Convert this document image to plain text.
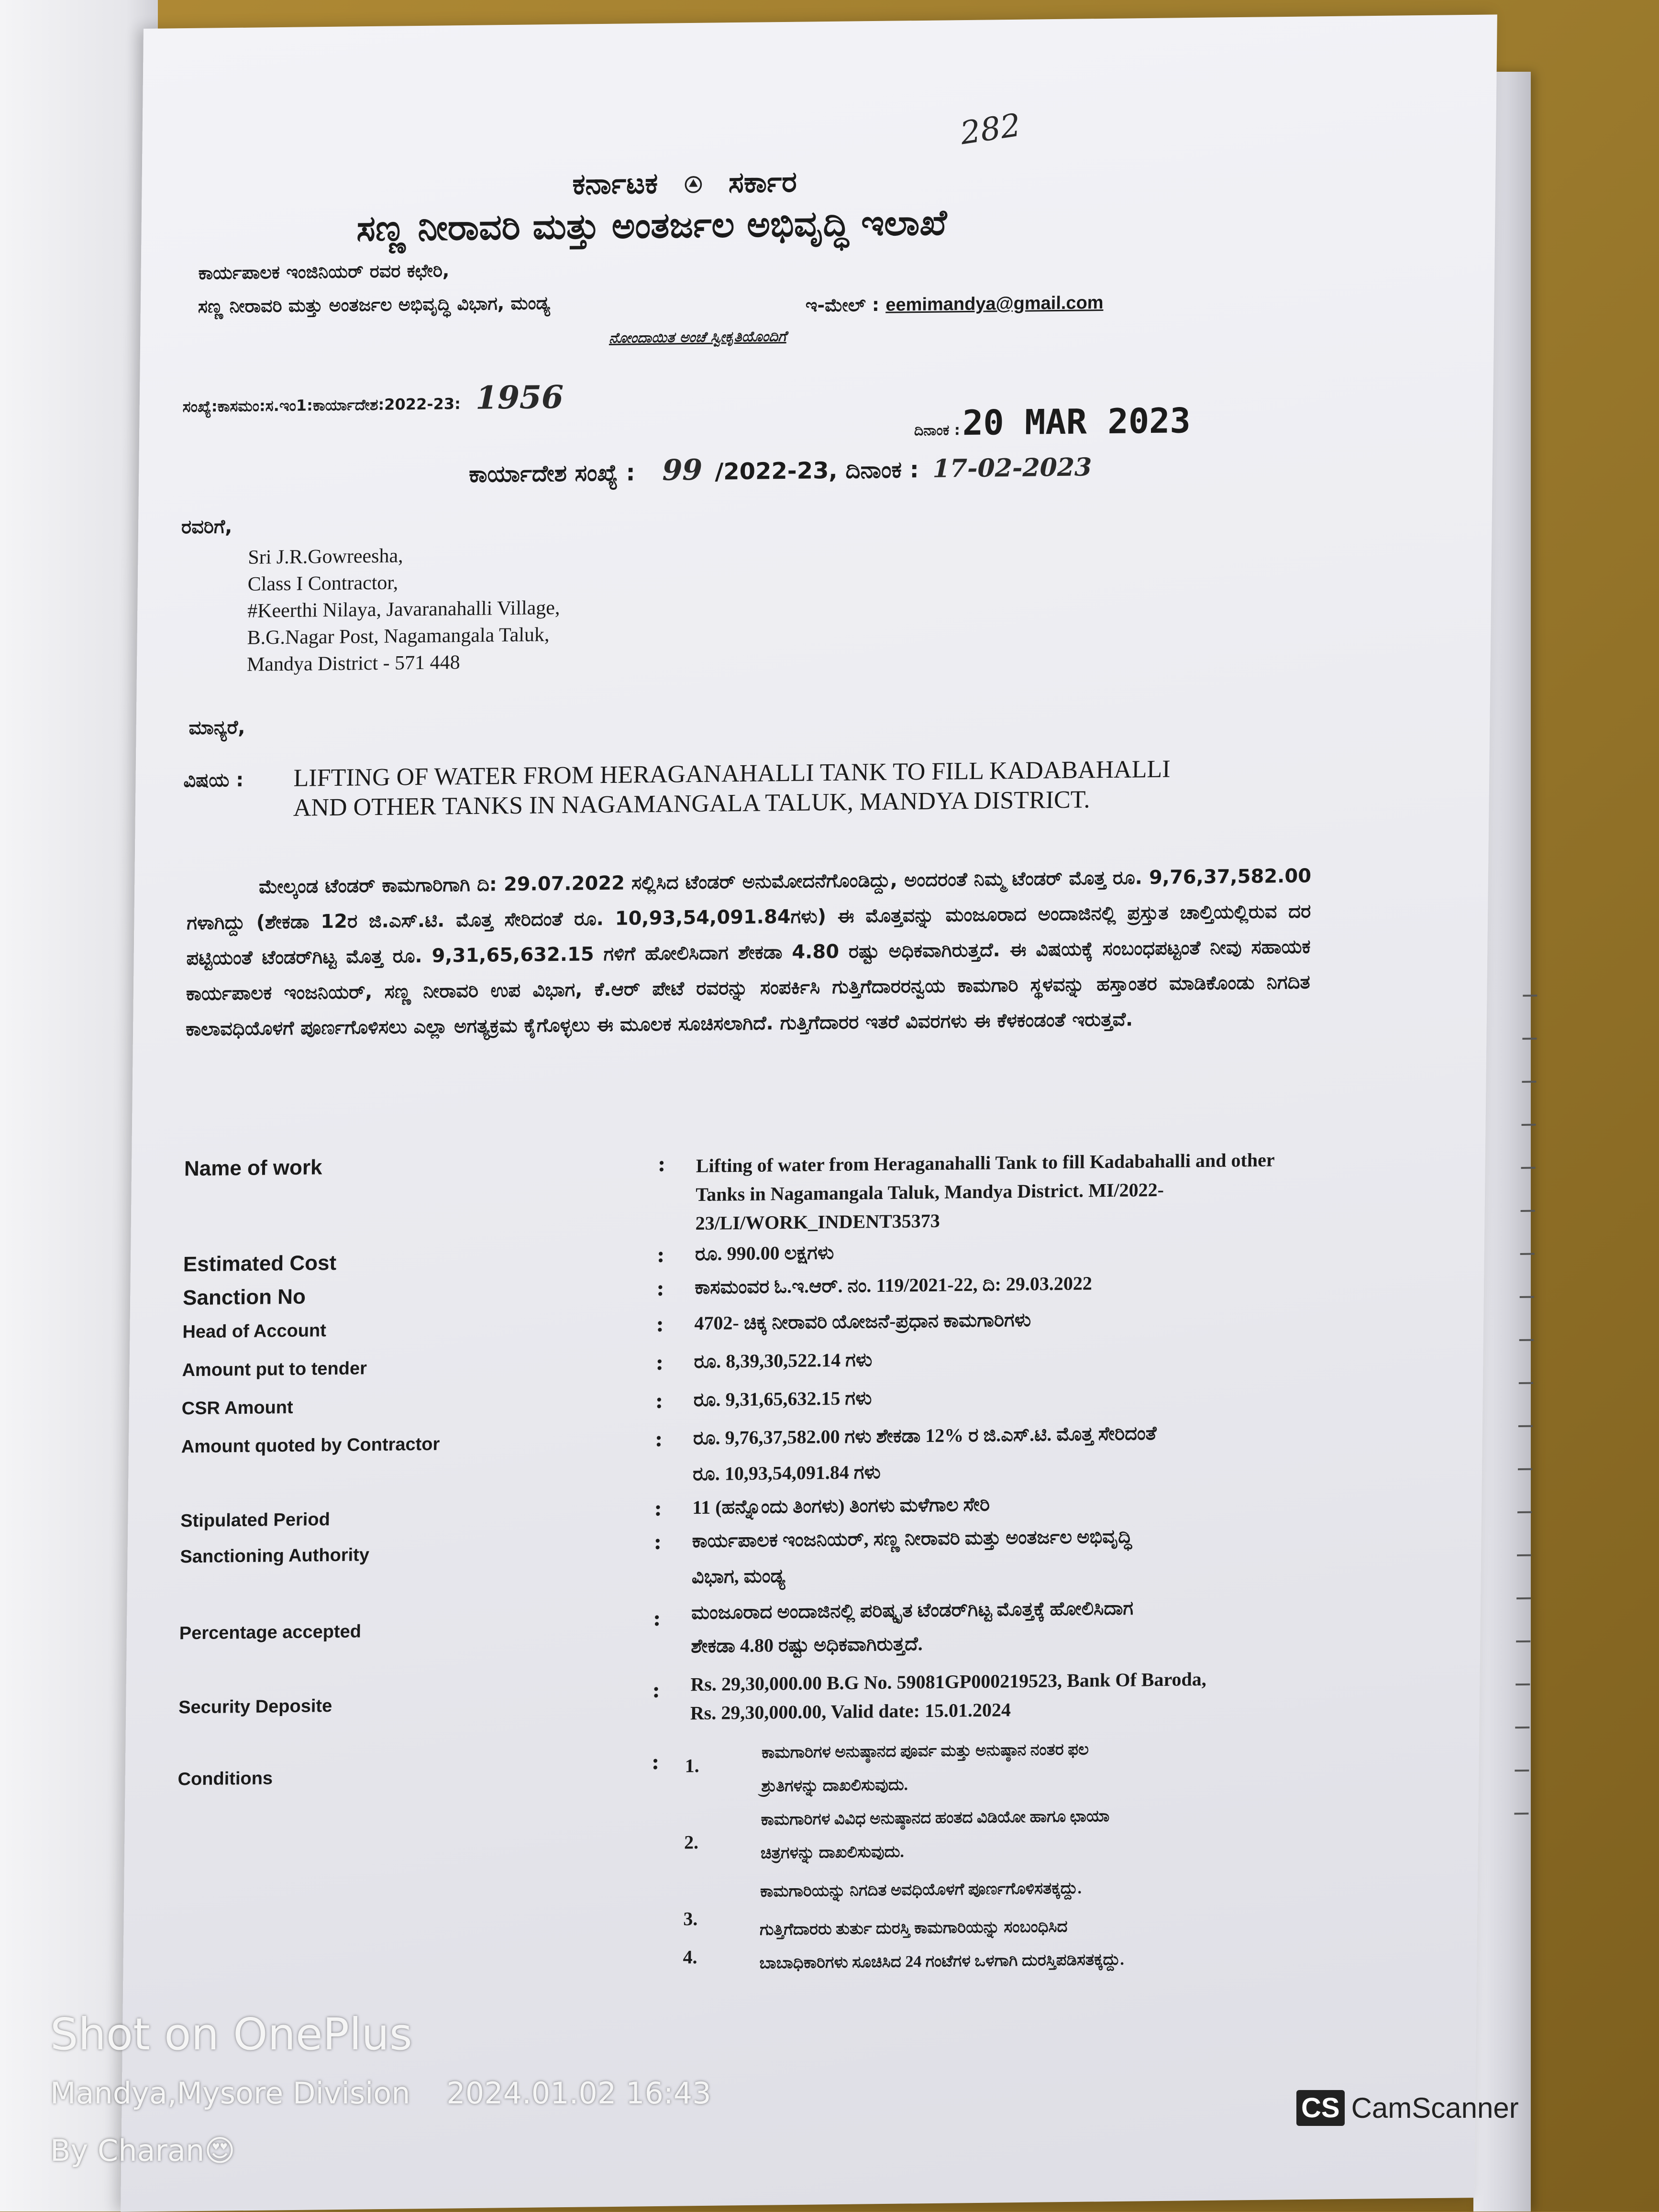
282
ಕರ್ನಾಟಕ ಸರ್ಕಾರ
ಸಣ್ಣ ನೀರಾವರಿ ಮತ್ತು ಅಂತರ್ಜಲ ಅಭಿವೃದ್ಧಿ ಇಲಾಖೆ
ಕಾರ್ಯಪಾಲಕ ಇಂಜಿನಿಯರ್ ರವರ ಕಛೇರಿ,
ಸಣ್ಣ ನೀರಾವರಿ ಮತ್ತು ಅಂತರ್ಜಲ ಅಭಿವೃದ್ಧಿ ವಿಭಾಗ, ಮಂಡ್ಯ	ಇ-ಮೇಲ್ : eemimandya@gmail.com
ನೋಂದಾಯಿತ ಅಂಚೆ ಸ್ವೀಕೃತಿಯೊಂದಿಗೆ
ಸಂಖ್ಯೆ:ಕಾಸಮಂ:ಸ.ಇಂ1:ಕಾರ್ಯಾದೇಶ:2022-23: 1956
ದಿನಾಂಕ : 20 MAR 2023
ಕಾರ್ಯಾದೇಶ ಸಂಖ್ಯೆ : 99 /2022-23, ದಿನಾಂಕ : 17-02-2023
ರವರಿಗೆ,
Sri J.R.Gowreesha,
Class I Contractor,
#Keerthi Nilaya, Javaranahalli Village,
B.G.Nagar Post, Nagamangala Taluk,
Mandya District - 571 448
ಮಾನ್ಯರೆ,
ವಿಷಯ : LIFTING OF WATER FROM HERAGANAHALLI TANK TO FILL KADABAHALLI
AND OTHER TANKS IN NAGAMANGALA TALUK, MANDYA DISTRICT.
ಮೇಲ್ಕಂಡ ಟೆಂಡರ್ ಕಾಮಗಾರಿಗಾಗಿ ದಿ: 29.07.2022 ಸಲ್ಲಿಸಿದ ಟೆಂಡರ್ ಅನುಮೋದನೆಗೊಂಡಿದ್ದು, ಅಂದರಂತೆ ನಿಮ್ಮ ಟೆಂಡರ್ ಮೊತ್ತ ರೂ. 9,76,37,582.00 ಗಳಾಗಿದ್ದು (ಶೇಕಡಾ 12ರ ಜಿ.ಎಸ್.ಟಿ. ಮೊತ್ತ ಸೇರಿದಂತೆ ರೂ. 10,93,54,091.84ಗಳು) ಈ ಮೊತ್ತವನ್ನು ಮಂಜೂರಾದ ಅಂದಾಜಿನಲ್ಲಿ ಪ್ರಸ್ತುತ ಚಾಲ್ತಿಯಲ್ಲಿರುವ ದರ ಪಟ್ಟಿಯಂತೆ ಟೆಂಡರ್‌ಗಿಟ್ಟ ಮೊತ್ತ ರೂ. 9,31,65,632.15 ಗಳಿಗೆ ಹೋಲಿಸಿದಾಗ ಶೇಕಡಾ 4.80 ರಷ್ಟು ಅಧಿಕವಾಗಿರುತ್ತದೆ. ಈ ವಿಷಯಕ್ಕೆ ಸಂಬಂಧಪಟ್ಟಂತೆ ನೀವು ಸಹಾಯಕ ಕಾರ್ಯಪಾಲಕ ಇಂಜನಿಯರ್, ಸಣ್ಣ ನೀರಾವರಿ ಉಪ ವಿಭಾಗ, ಕೆ.ಆರ್ ಪೇಟೆ ರವರನ್ನು ಸಂಪರ್ಕಿಸಿ ಗುತ್ತಿಗೆದಾರರನ್ವಯ ಕಾಮಗಾರಿ ಸ್ಥಳವನ್ನು ಹಸ್ತಾಂತರ ಮಾಡಿಕೊಂಡು ನಿಗದಿತ ಕಾಲಾವಧಿಯೊಳಗೆ ಪೂರ್ಣಗೊಳಿಸಲು ಎಲ್ಲಾ ಅಗತ್ಯಕ್ರಮ ಕೈಗೊಳ್ಳಲು ಈ ಮೂಲಕ ಸೂಚಿಸಲಾಗಿದೆ. ಗುತ್ತಿಗೆದಾರರ ಇತರೆ ವಿವರಗಳು ಈ ಕೆಳಕಂಡಂತೆ ಇರುತ್ತವೆ.
Name of work	: Lifting of water from Heraganahalli Tank to fill Kadabahalli and other Tanks in Nagamangala Taluk, Mandya District. MI/2022-23/LI/WORK_INDENT35373
Estimated Cost	: ರೂ. 990.00 ಲಕ್ಷಗಳು
Sanction No	: ಕಾಸಮಂವರ ಓ.ಇ.ಆರ್. ನಂ. 119/2021-22, ದಿ: 29.03.2022
Head of Account	: 4702- ಚಿಕ್ಕ ನೀರಾವರಿ ಯೋಜನೆ-ಪ್ರಧಾನ ಕಾಮಗಾರಿಗಳು
Amount put to tender	: ರೂ. 8,39,30,522.14 ಗಳು
CSR Amount	: ರೂ. 9,31,65,632.15 ಗಳು
Amount quoted by Contractor	: ರೂ. 9,76,37,582.00 ಗಳು ಶೇಕಡಾ 12% ರ ಜಿ.ಎಸ್.ಟಿ. ಮೊತ್ತ ಸೇರಿದಂತೆ
ರೂ. 10,93,54,091.84 ಗಳು
Stipulated Period	: 11 (ಹನ್ನೊಂದು ತಿಂಗಳು) ತಿಂಗಳು ಮಳೆಗಾಲ ಸೇರಿ
Sanctioning Authority
: ಕಾರ್ಯಪಾಲಕ ಇಂಜನಿಯರ್, ಸಣ್ಣ ನೀರಾವರಿ ಮತ್ತು ಅಂತರ್ಜಲ ಅಭಿವೃದ್ಧಿ
ವಿಭಾಗ, ಮಂಡ್ಯ
Percentage accepted
: ಮಂಜೂರಾದ ಅಂದಾಜಿನಲ್ಲಿ ಪರಿಷ್ಕೃತ ಟೆಂಡರ್‌ಗಿಟ್ಟ ಮೊತ್ತಕ್ಕೆ ಹೋಲಿಸಿದಾಗ
ಶೇಕಡಾ 4.80 ರಷ್ಟು ಅಧಿಕವಾಗಿರುತ್ತದೆ.
Security Deposite
: Rs. 29,30,000.00 B.G No. 59081GP000219523, Bank Of Baroda,
Rs. 29,30,000.00, Valid date: 15.01.2024
Conditions
: 1.
ಕಾಮಗಾರಿಗಳ ಅನುಷ್ಠಾನದ ಪೂರ್ವ ಮತ್ತು ಅನುಷ್ಠಾನ ನಂತರ ಫಲ
ಶ್ರುತಿಗಳನ್ನು ದಾಖಲಿಸುವುದು.
2.
ಕಾಮಗಾರಿಗಳ ವಿವಿಧ ಅನುಷ್ಠಾನದ ಹಂತದ ವಿಡಿಯೋ ಹಾಗೂ ಛಾಯಾ
ಚಿತ್ರಗಳನ್ನು ದಾಖಲಿಸುವುದು.
3.
ಕಾಮಗಾರಿಯನ್ನು ನಿಗದಿತ ಅವಧಿಯೊಳಗೆ ಪೂರ್ಣಗೊಳಿಸತಕ್ಕದ್ದು.
4.
ಗುತ್ತಿಗೆದಾರರು ತುರ್ತು ದುರಸ್ತಿ ಕಾಮಗಾರಿಯನ್ನು ಸಂಬಂಧಿಸಿದ
ಬಾಬಾಧಿಕಾರಿಗಳು ಸೂಚಿಸಿದ 24 ಗಂಟೆಗಳ ಒಳಗಾಗಿ ದುರಸ್ತಿಪಡಿಸತಕ್ಕದ್ದು.
CS CamScanner
Shot on OnePlus
Mandya,Mysore Division 2024.01.02 16:43
By Charan😍
